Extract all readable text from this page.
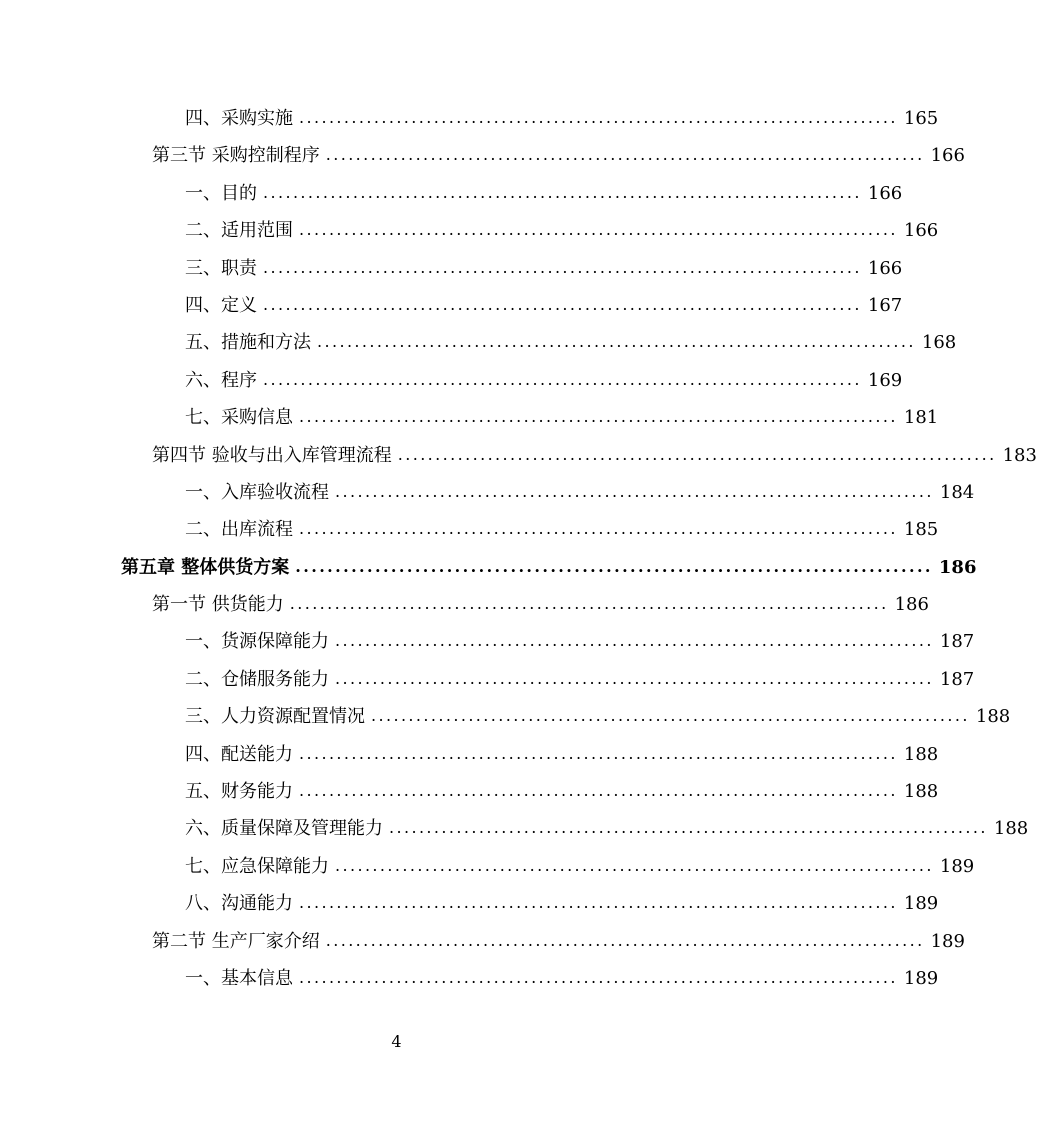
四、采购实施 ................................................................................ 165
第三节 采购控制程序 ................................................................................ 166
一、目的 ................................................................................ 166
二、适用范围 ................................................................................ 166
三、职责 ................................................................................ 166
四、定义 ................................................................................ 167
五、措施和方法 ................................................................................ 168
六、程序 ................................................................................ 169
七、采购信息 ................................................................................ 181
第四节 验收与出入库管理流程 ................................................................................ 183
一、入库验收流程 ................................................................................ 184
二、出库流程 ................................................................................ 185
第五章 整体供货方案 ................................................................................ 186
第一节 供货能力 ................................................................................ 186
一、货源保障能力 ................................................................................ 187
二、仓储服务能力 ................................................................................ 187
三、人力资源配置情况 ................................................................................ 188
四、配送能力 ................................................................................ 188
五、财务能力 ................................................................................ 188
六、质量保障及管理能力 ................................................................................ 188
七、应急保障能力 ................................................................................ 189
八、沟通能力 ................................................................................ 189
第二节 生产厂家介绍 ................................................................................ 189
一、基本信息 ................................................................................ 189
4
